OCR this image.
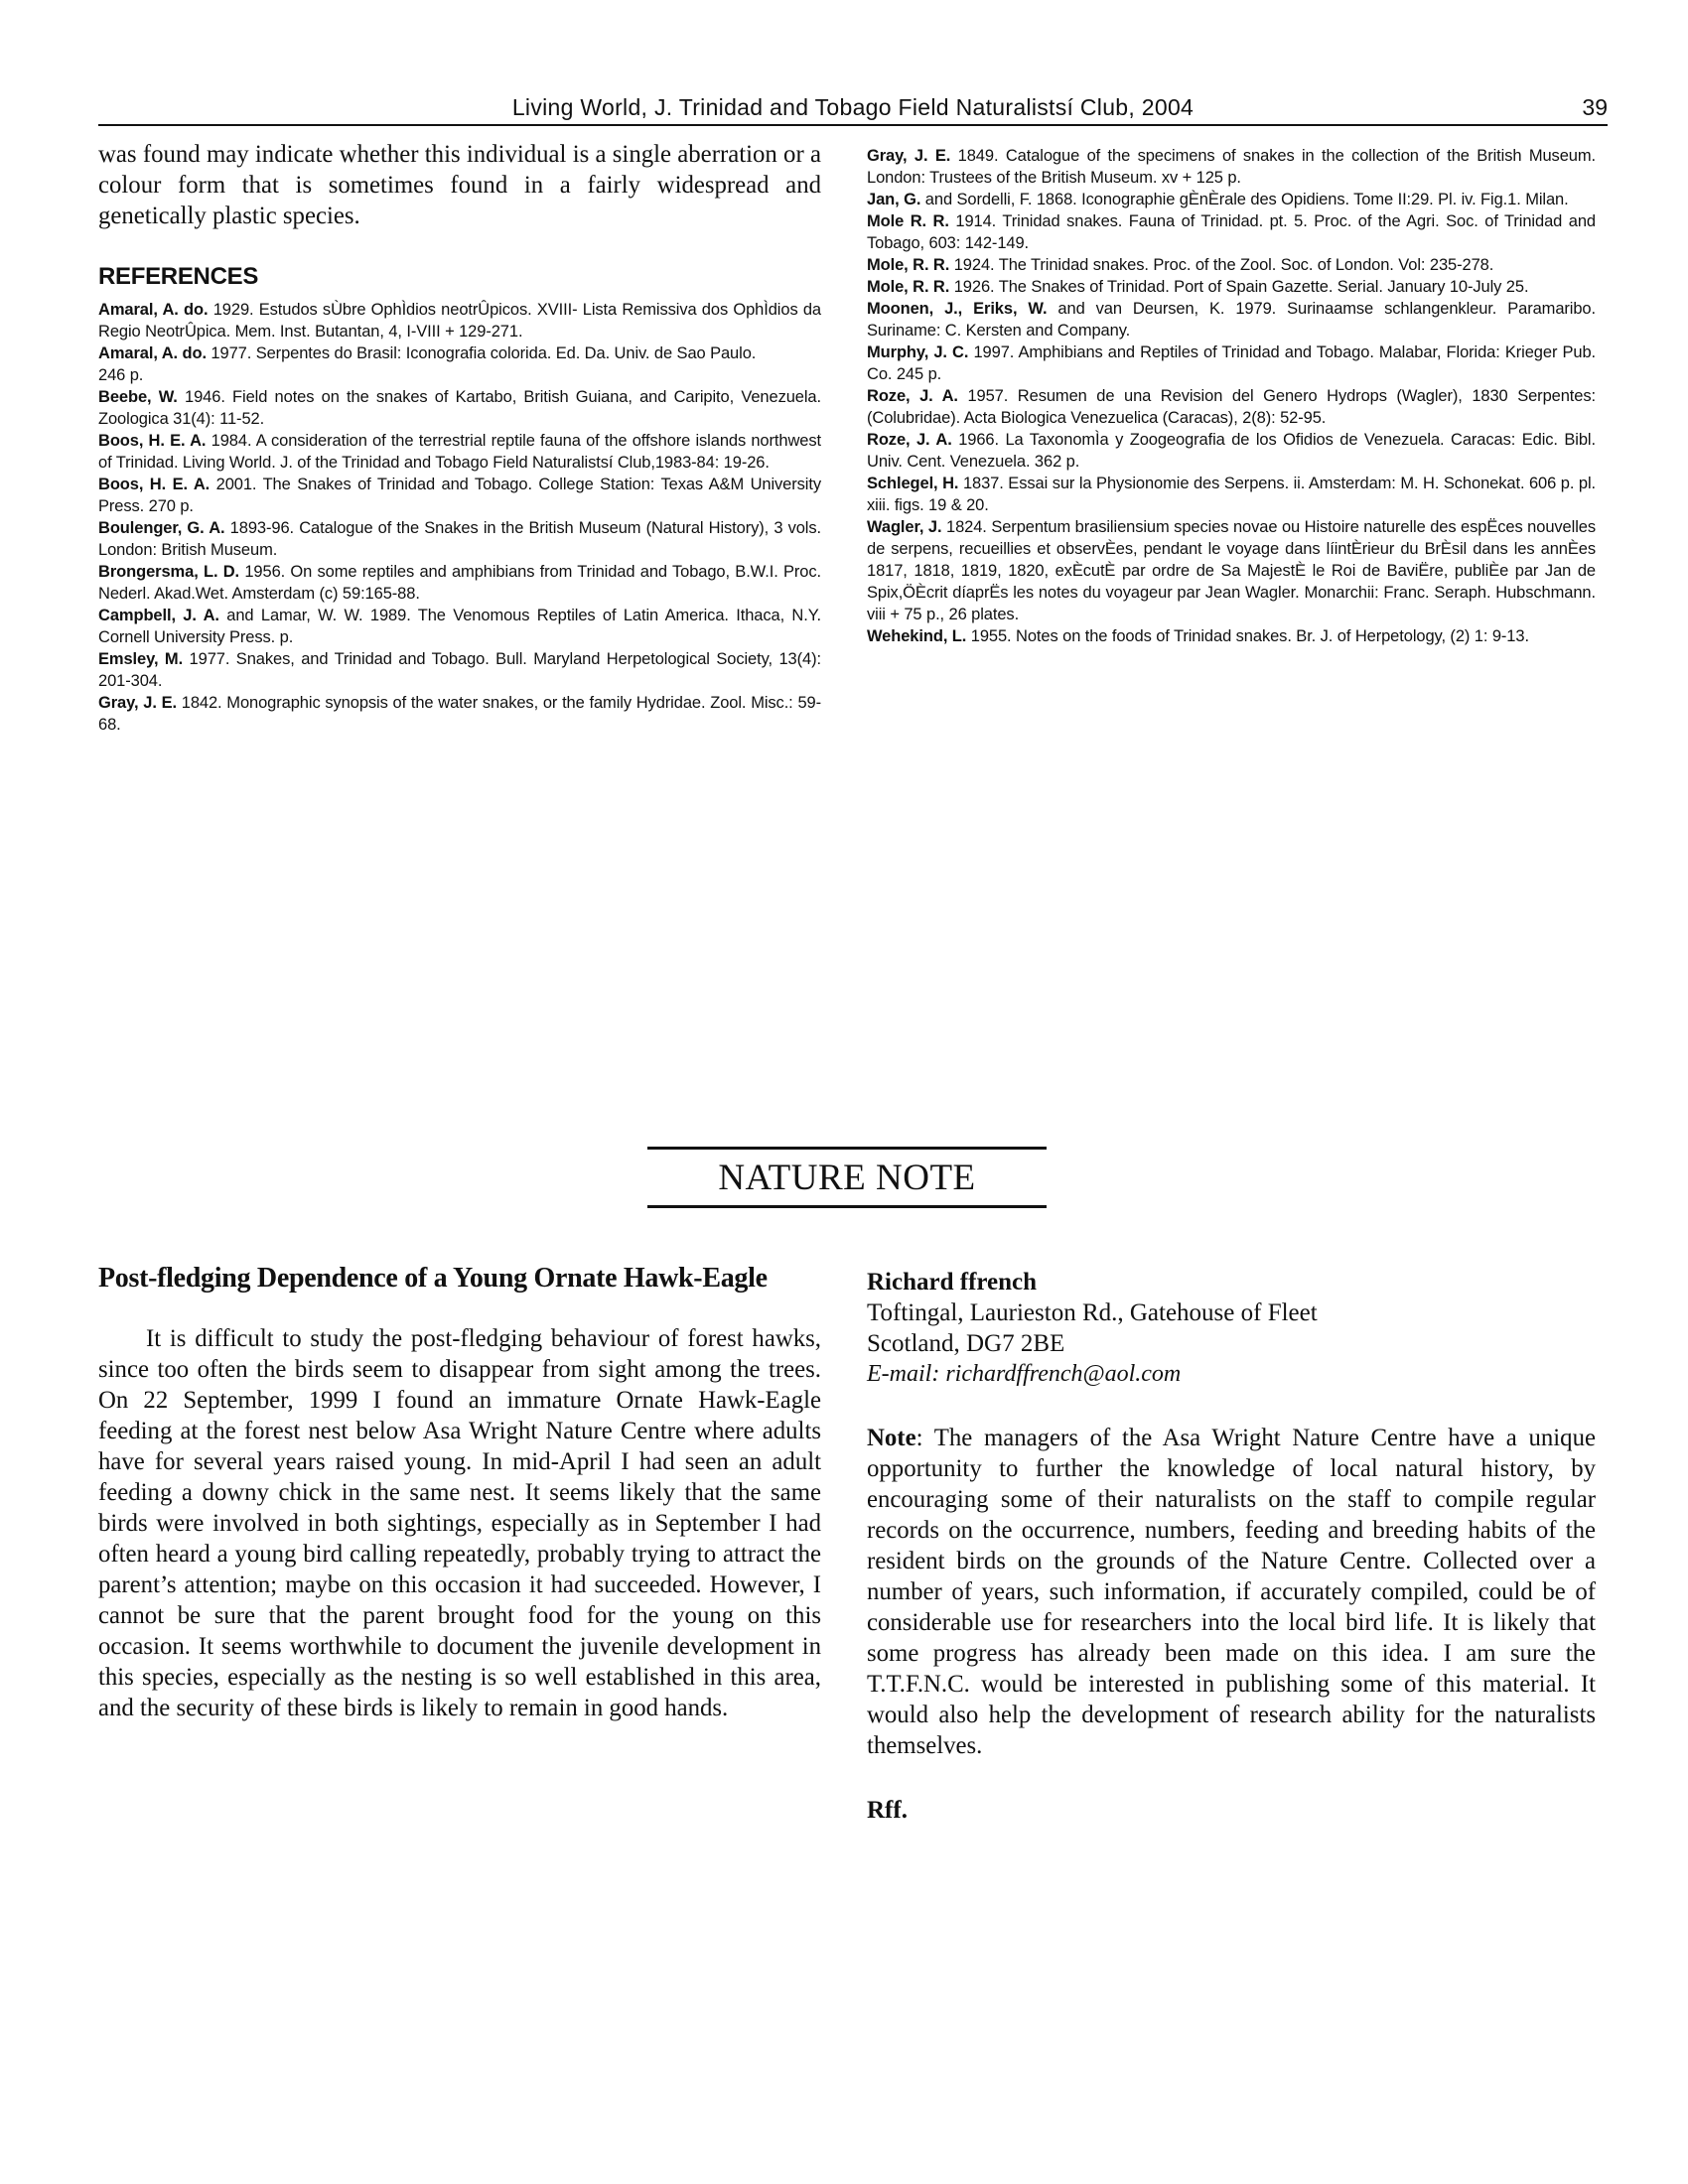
Living World, J. Trinidad and Tobago Field Naturalistsí Club, 2004	39

was found may indicate whether this individual is a single aberration or a colour form that is sometimes found in a fairly widespread and genetically plastic species.

REFERENCES

Amaral, A. do. 1929. Estudos sÙbre OphÌdios neotrÛpicos. XVIII- Lista Remissiva dos OphÌdios da Regio NeotrÛpica. Mem. Inst. Butantan, 4, I-VIII + 129-271.

Amaral, A. do. 1977. Serpentes do Brasil: Iconografia colorida. Ed. Da. Univ. de Sao Paulo.
246 p.

Beebe, W. 1946. Field notes on the snakes of Kartabo, British Guiana, and Caripito, Venezuela. Zoologica 31(4): 11-52.

Boos, H. E. A. 1984. A consideration of the terrestrial reptile fauna of the offshore islands northwest of Trinidad. Living World. J. of the Trinidad and Tobago Field Naturalistsí Club,1983-84: 19-26.

Boos, H. E. A. 2001. The Snakes of Trinidad and Tobago. College Station: Texas A&M University Press. 270 p.

Boulenger, G. A. 1893-96. Catalogue of the Snakes in the British Museum (Natural History), 3 vols. London: British Museum.

Brongersma, L. D. 1956. On some reptiles and amphibians from Trinidad and Tobago, B.W.I. Proc. Nederl. Akad.Wet. Amsterdam (c) 59:165-88.

Campbell, J. A. and Lamar, W. W. 1989. The Venomous Reptiles of Latin America. Ithaca, N.Y. Cornell University Press. p.

Emsley, M. 1977. Snakes, and Trinidad and Tobago. Bull. Maryland Herpetological Society, 13(4): 201-304.

Gray, J. E. 1842. Monographic synopsis of the water snakes, or the family Hydridae. Zool. Misc.: 59-68.

Gray, J. E. 1849. Catalogue of the specimens of snakes in the collection of the British Museum. London: Trustees of the British Museum. xv + 125 p.

Jan, G. and Sordelli, F. 1868. Iconographie gÈnÈrale des Opidiens. Tome II:29. Pl. iv. Fig.1. Milan.

Mole R. R. 1914. Trinidad snakes. Fauna of Trinidad. pt. 5. Proc. of the Agri. Soc. of Trinidad and Tobago, 603: 142-149.

Mole, R. R. 1924. The Trinidad snakes. Proc. of the Zool. Soc. of London. Vol: 235-278.

Mole, R. R. 1926. The Snakes of Trinidad. Port of Spain Gazette. Serial. January 10-July 25.

Moonen, J., Eriks, W. and van Deursen, K. 1979. Surinaamse schlangenkleur. Paramaribo. Suriname: C. Kersten and Company.

Murphy, J. C. 1997. Amphibians and Reptiles of Trinidad and Tobago. Malabar, Florida: Krieger Pub. Co. 245 p.

Roze, J. A. 1957. Resumen de una Revision del Genero Hydrops (Wagler), 1830 Serpentes: (Colubridae). Acta Biologica Venezuelica (Caracas), 2(8): 52-95.

Roze, J. A. 1966. La TaxonomÌa y Zoogeografia de los Ofidios de Venezuela. Caracas: Edic. Bibl. Univ. Cent. Venezuela. 362 p.

Schlegel, H. 1837. Essai sur la Physionomie des Serpens. ii. Amsterdam: M. H. Schonekat. 606 p. pl. xiii. figs. 19 & 20.

Wagler, J. 1824. Serpentum brasiliensium species novae ou Histoire naturelle des espËces nouvelles de serpens, recueillies et observÈes, pendant le voyage dans líintÈrieur du BrÈsil dans les annÈes 1817, 1818, 1819, 1820, exÈcutÈ par ordre de Sa MajestÈ le Roi de BaviËre, publiÈe par Jan de Spix,ÖÈcrit díaprËs les notes du voyageur par Jean Wagler. Monarchii: Franc. Seraph. Hubschmann. viii + 75 p., 26 plates.

Wehekind, L. 1955. Notes on the foods of Trinidad snakes. Br. J. of Herpetology, (2) 1: 9-13.

NATURE NOTE
Post-fledging Dependence of a Young Ornate Hawk-Eagle

It is difficult to study the post-fledging behaviour of forest hawks, since too often the birds seem to disappear from sight among the trees. On 22 September, 1999 I found an immature Ornate Hawk-Eagle feeding at the forest nest below Asa Wright Nature Centre where adults have for several years raised young. In mid-April I had seen an adult feeding a downy chick in the same nest. It seems likely that the same birds were involved in both sightings, especially as in September I had often heard a young bird calling repeatedly, probably trying to attract the parent’s attention; maybe on this occasion it had succeeded. However, I cannot be sure that the parent brought food for the young on this occasion. It seems worthwhile to document the juvenile development in this species, especially as the nesting is so well established in this area, and the security of these birds is likely to remain in good hands.

Richard ffrench

Toftingal, Laurieston Rd., Gatehouse of Fleet

Scotland, DG7 2BE

E-mail: richardffrench@aol.com

Note: The managers of the Asa Wright Nature Centre have a unique opportunity to further the knowledge of local natural history, by encouraging some of their naturalists on the staff to compile regular records on the occurrence, numbers, feeding and breeding habits of the resident birds on the grounds of the Nature Centre. Collected over a number of years, such information, if accurately compiled, could be of considerable use for researchers into the local bird life. It is likely that some progress has already been made on this idea. I am sure the T.T.F.N.C. would be interested in publishing some of this material. It would also help the development of research ability for the naturalists themselves.

Rff.
